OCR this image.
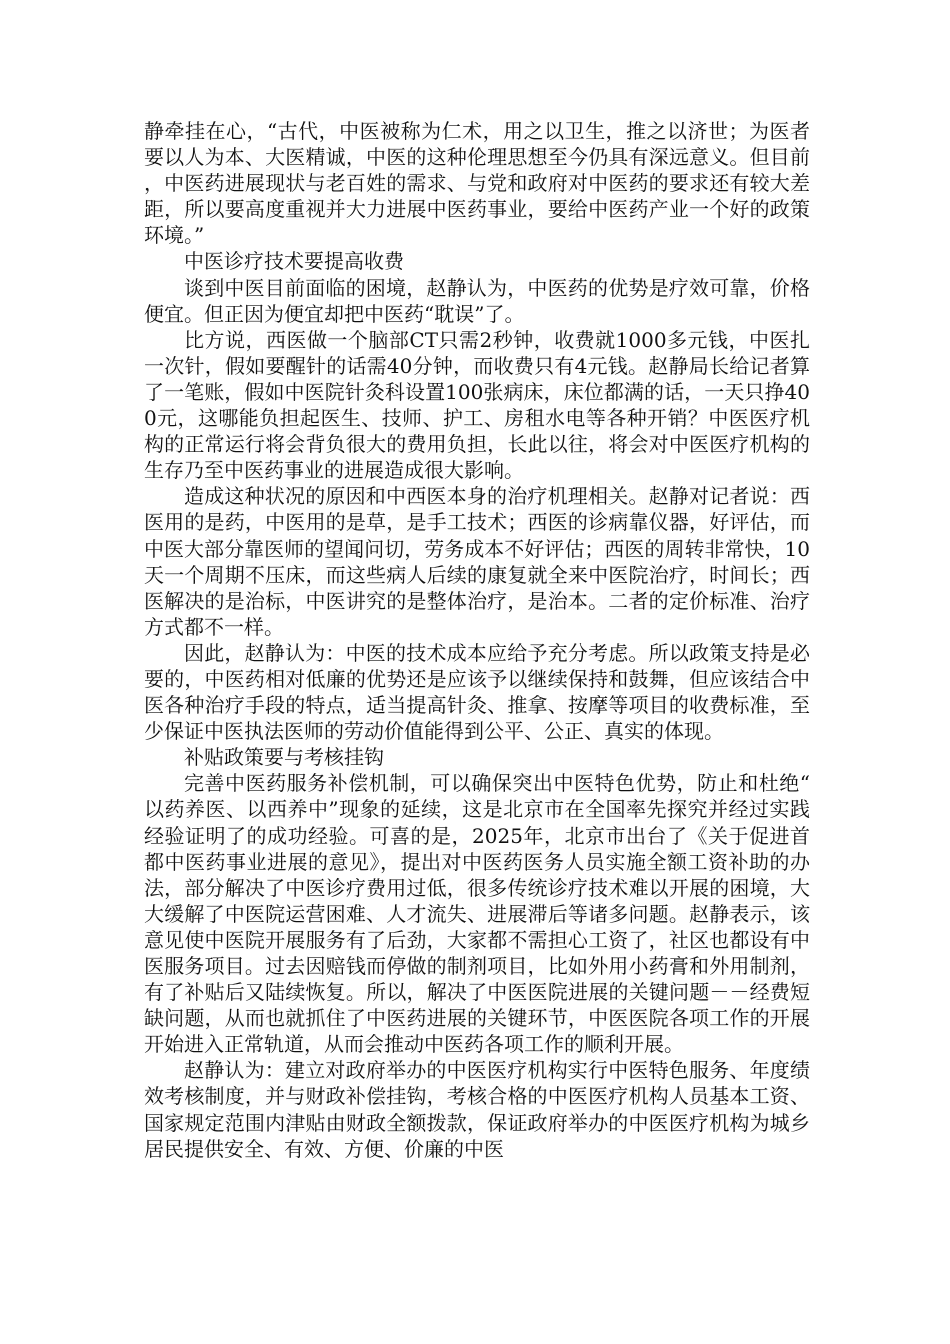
静牵挂在心，“古代，中医被称为仁术，用之以卫生，推之以济世；为医者要以人为本、大医精诚，中医的这种伦理思想至今仍具有深远意义。但目前，中医药进展现状与老百姓的需求、与党和政府对中医药的要求还有较大差距，所以要高度重视并大力进展中医药事业，要给中医药产业一个好的政策环境。”

中医诊疗技术要提高收费

谈到中医目前面临的困境，赵静认为，中医药的优势是疗效可靠，价格便宜。但正因为便宜却把中医药“耽误”了。

比方说，西医做一个脑部CT只需2秒钟，收费就1000多元钱，中医扎一次针，假如要醒针的话需40分钟，而收费只有4元钱。赵静局长给记者算了一笔账，假如中医院针灸科设置100张病床，床位都满的话，一天只挣400元，这哪能负担起医生、技师、护工、房租水电等各种开销？中医医疗机构的正常运行将会背负很大的费用负担，长此以往，将会对中医医疗机构的生存乃至中医药事业的进展造成很大影响。

造成这种状况的原因和中西医本身的治疗机理相关。赵静对记者说：西医用的是药，中医用的是草，是手工技术；西医的诊病靠仪器，好评估，而中医大部分靠医师的望闻问切，劳务成本不好评估；西医的周转非常快，10天一个周期不压床，而这些病人后续的康复就全来中医院治疗，时间长；西医解决的是治标，中医讲究的是整体治疗，是治本。二者的定价标准、治疗方式都不一样。

因此，赵静认为：中医的技术成本应给予充分考虑。所以政策支持是必要的，中医药相对低廉的优势还是应该予以继续保持和鼓舞，但应该结合中医各种治疗手段的特点，适当提高针灸、推拿、按摩等项目的收费标准，至少保证中医执法医师的劳动价值能得到公平、公正、真实的体现。

补贴政策要与考核挂钩

完善中医药服务补偿机制，可以确保突出中医特色优势，防止和杜绝“以药养医、以西养中”现象的延续，这是北京市在全国率先探究并经过实践经验证明了的成功经验。可喜的是，2025年，北京市出台了《关于促进首都中医药事业进展的意见》，提出对中医药医务人员实施全额工资补助的办法，部分解决了中医诊疗费用过低，很多传统诊疗技术难以开展的困境，大大缓解了中医院运营困难、人才流失、进展滞后等诸多问题。赵静表示，该意见使中医院开展服务有了后劲，大家都不需担心工资了，社区也都设有中医服务项目。过去因赔钱而停做的制剂项目，比如外用小药膏和外用制剂，有了补贴后又陆续恢复。所以，解决了中医医院进展的关键问题－－经费短缺问题，从而也就抓住了中医药进展的关键环节，中医医院各项工作的开展开始进入正常轨道，从而会推动中医药各项工作的顺利开展。

赵静认为：建立对政府举办的中医医疗机构实行中医特色服务、年度绩效考核制度，并与财政补偿挂钩，考核合格的中医医疗机构人员基本工资、国家规定范围内津贴由财政全额拨款，保证政府举办的中医医疗机构为城乡居民提供安全、有效、方便、价廉的中医
